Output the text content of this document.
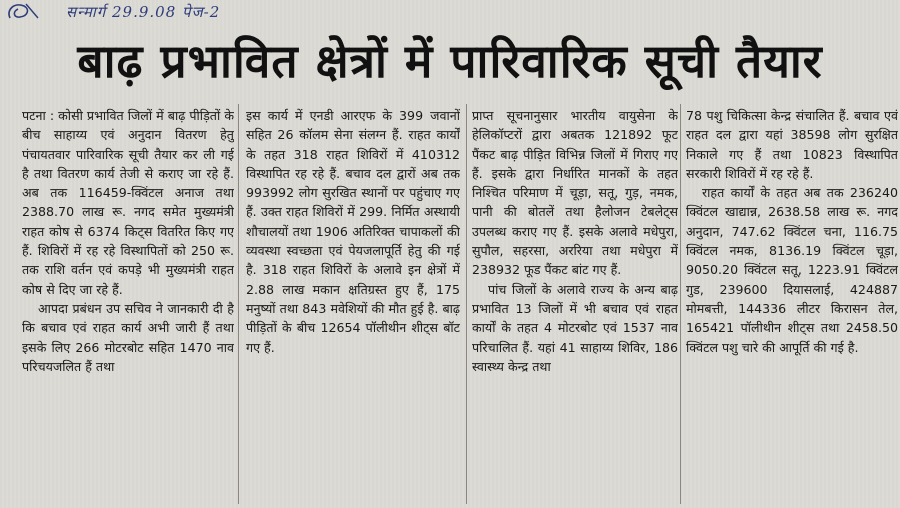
सन्मार्ग 29.9.08 पेज-2
बाढ़ प्रभावित क्षेत्रों में पारिवारिक सूची तैयार

पटना : कोसी प्रभावित जिलों में बाढ़ पीड़ितों के बीच साहाय्य एवं अनुदान वितरण हेतु पंचायतवार पारिवारिक सूची तैयार कर ली गई है तथा वितरण कार्य तेजी से कराए जा रहे हैं. अब तक 116459-क्विंटल अनाज तथा 2388.70 लाख रू. नगद समेत मुख्यमंत्री राहत कोष से 6374 किट्स वितरित किए गए हैं. शिविरों में रह रहे विस्थापितों को 250 रू. तक राशि वर्तन एवं कपड़े भी मुख्यमंत्री राहत कोष से दिए जा रहे हैं.

आपदा प्रबंधन उप सचिव ने जानकारी दी है कि बचाव एवं राहत कार्य अभी जारी हैं तथा इसके लिए 266 मोटरबोट सहित 1470 नाव परिचयजलित हैं तथा

इस कार्य में एनडी आरएफ के 399 जवानों सहित 26 कॉलम सेना संलग्न हैं. राहत कार्यों के तहत 318 राहत शिविरों में 410312 विस्थापित रह रहे हैं. बचाव दल द्वारों अब तक 993992 लोग सुरखित स्थानों पर पहुंचाए गए हैं. उक्त राहत शिविरों में 299. निर्मित अस्थायी शौचालयों तथा 1906 अतिरिक्त चापाकलों की व्यवस्था स्वच्छता एवं पेयजलापूर्ति हेतु की गई है. 318 राहत शिविरों के अलावे इन क्षेत्रों में 2.88 लाख मकान क्षतिग्रस्त हुए हैं, 175 मनुष्यों तथा 843 मवेशियों की मौत हुई है. बाढ़ पीड़ितों के बीच 12654 पॉलीथीन शीट्स बॉट गए हैं.

प्राप्त सूचनानुसार भारतीय वायुसेना के हेलिकॉप्टरों द्वारा अबतक 121892 फूट पैंकट बाढ़ पीड़ित विभिन्न जिलों में गिराए गए हैं. इसके द्वारा निर्धारित मानकों के तहत निश्चित परिमाण में चूड़ा, सतू, गुड़, नमक, पानी की बोतलें तथा हैलोजन टेबलेट्स उपलब्ध कराए गए हैं. इसके अलावे मधेपुरा, सुपौल, सहरसा, अररिया तथा मधेपुरा में 238932 फूड पैंकट बांट गए हैं.

पांच जिलों के अलावे राज्य के अन्य बाढ़ प्रभावित 13 जिलों में भी बचाव एवं राहत कार्यों के तहत 4 मोटरबोट एवं 1537 नाव परिचालित हैं. यहां 41 साहाय्य शिविर, 186 स्वास्थ्य केन्द्र तथा

78 पशु चिकित्सा केन्द्र संचालित हैं. बचाव एवं राहत दल द्वारा यहां 38598 लोग सुरक्षित निकाले गए हैं तथा 10823 विस्थापित सरकारी शिविरों में रह रहे हैं.

राहत कार्यों के तहत अब तक 236240 क्विंटल खाद्यान्न, 2638.58 लाख रू. नगद अनुदान, 747.62 क्विंटल चना, 116.75 क्विंटल नमक, 8136.19 क्विंटल चूड़ा, 9050.20 क्विंटल सतू, 1223.91 क्विंटल गुड, 239600 दियासलाई, 424887 मोमबत्ती, 144336 लीटर किरासन तेल, 165421 पॉलीथीन शीट्स तथा 2458.50 क्विंटल पशु चारे की आपूर्ति की गई है.
